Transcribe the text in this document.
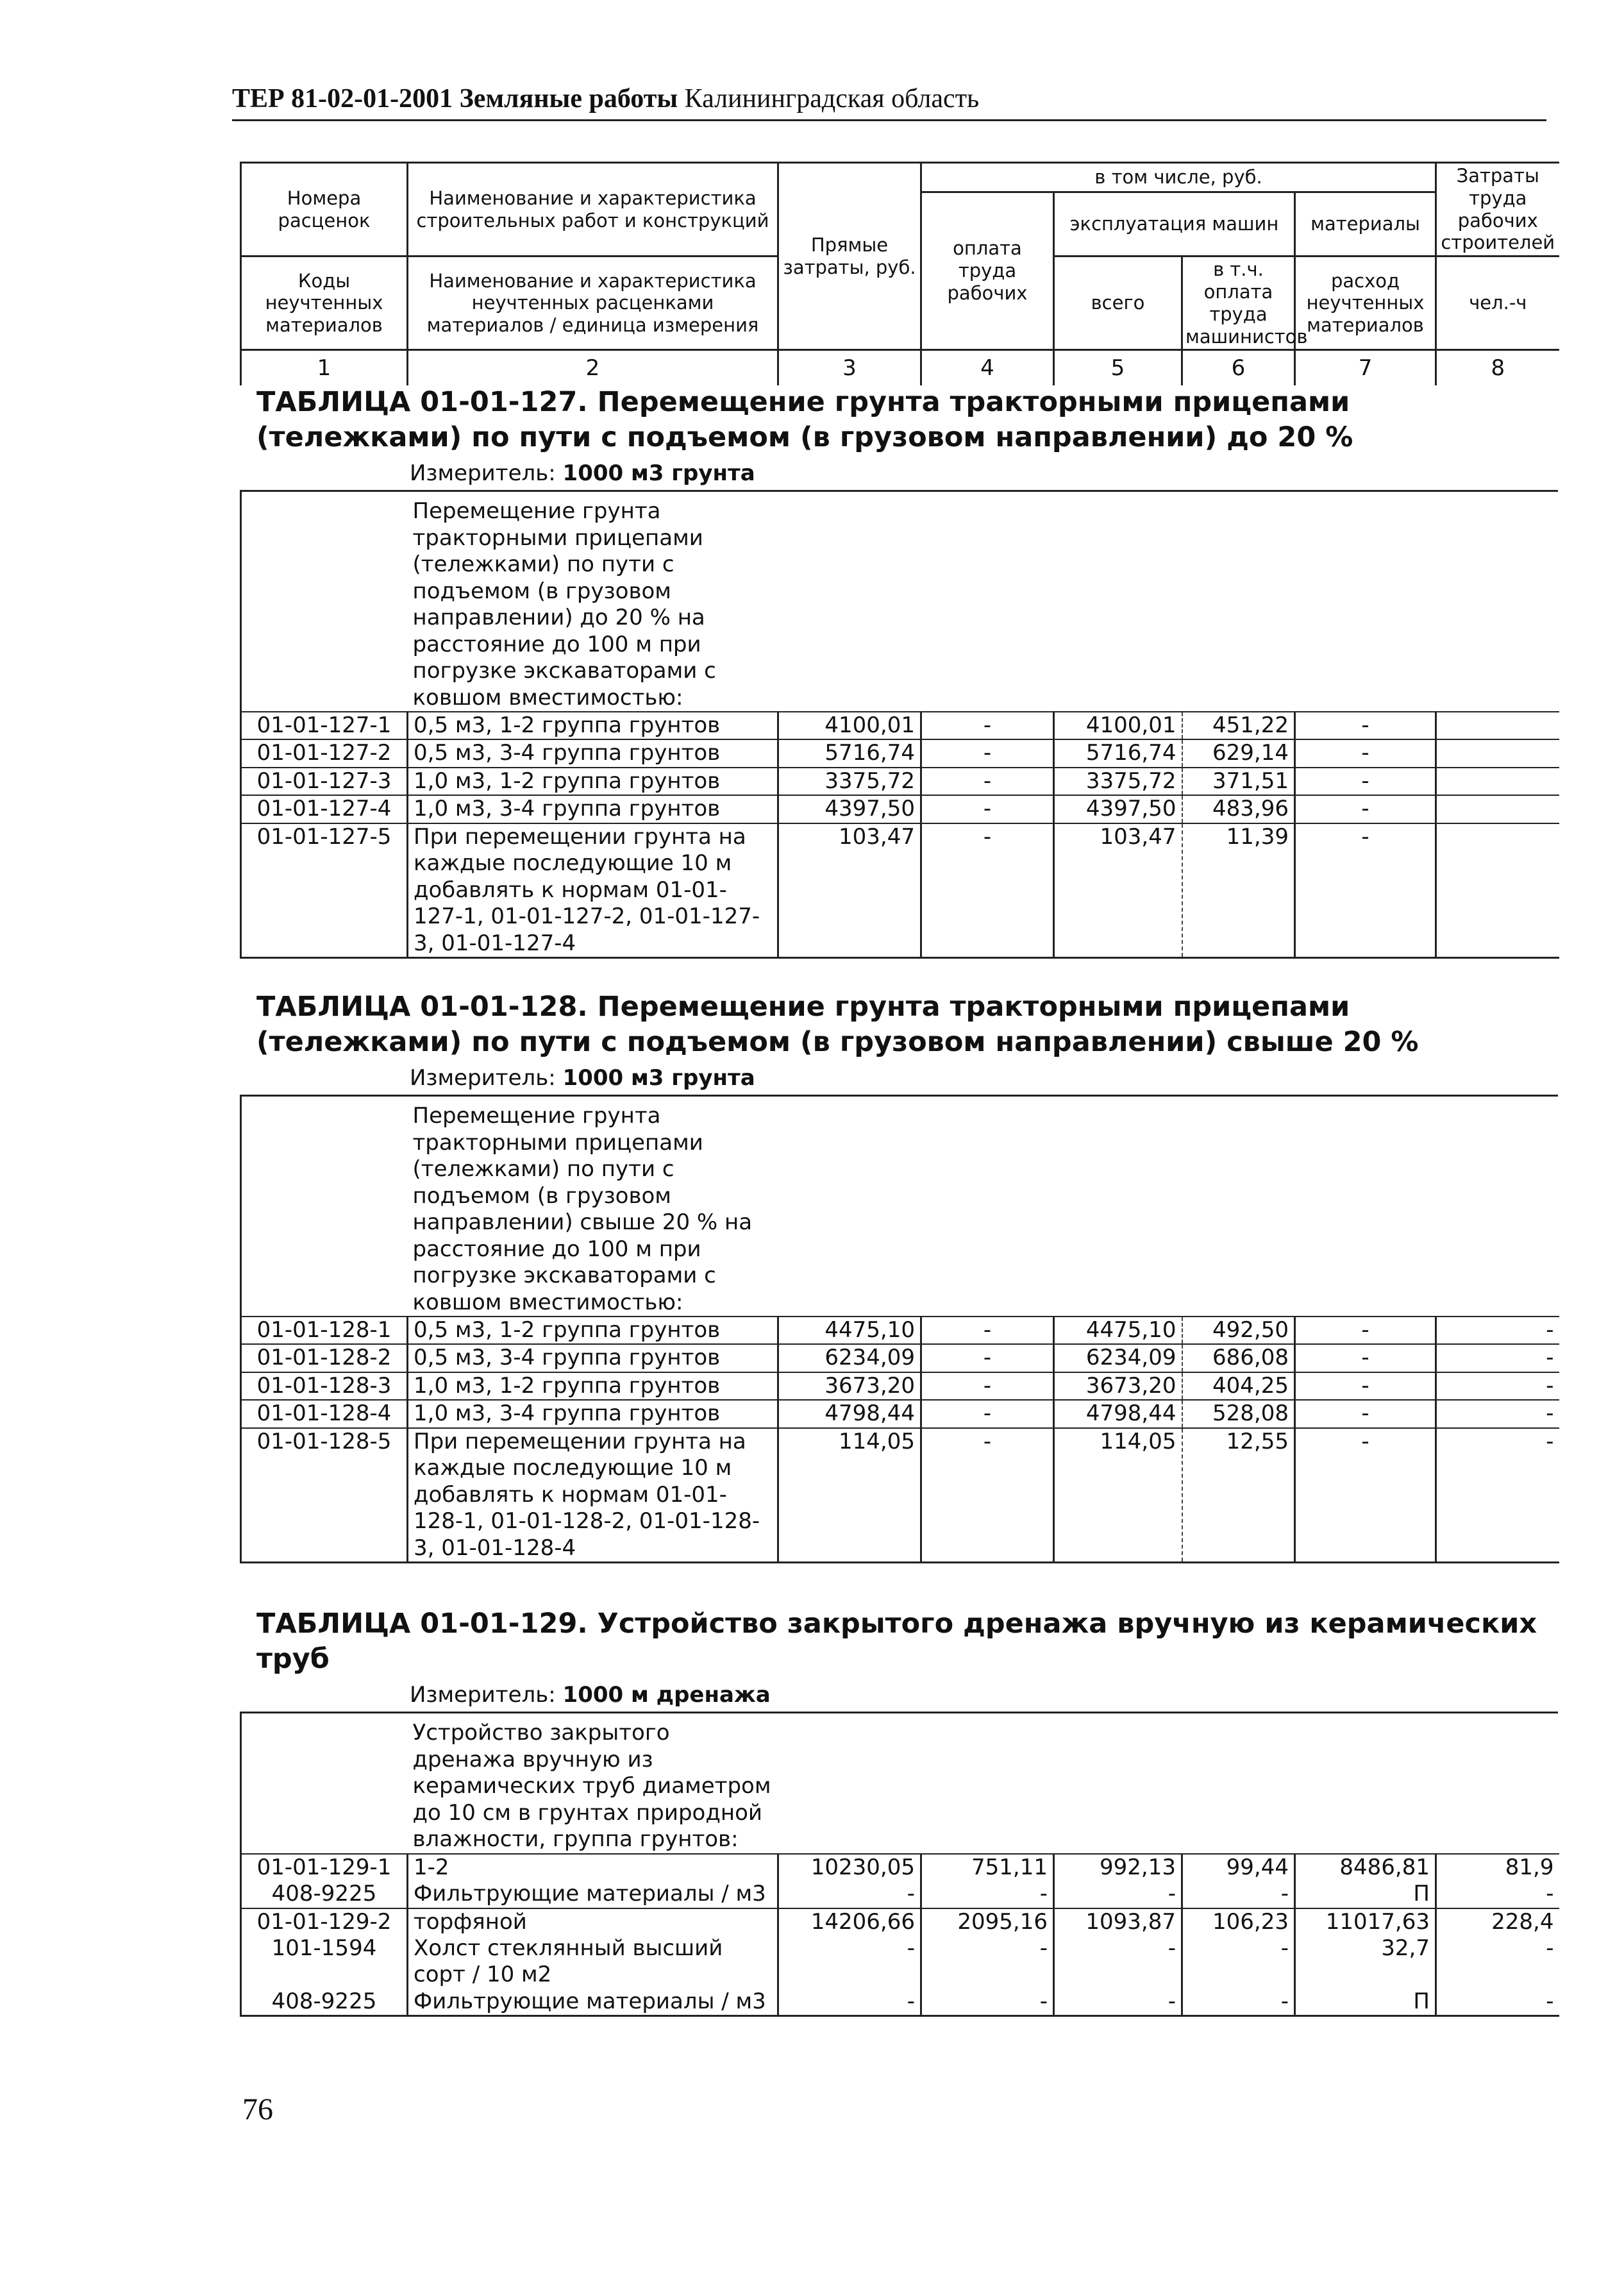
ТЕР 81-02-01-2001 Земляные работы Калининградская область
Номера расценок	Наименование и характеристика строительных работ и конструкций	Прямые затраты, руб.	в том числе, руб.				Затраты труда рабочих строителей
			оплата труда рабочих	эксплуатация машин		материалы	
Коды неучтенных материалов	Наименование и характеристика неучтенных расценками материалов / единица измерения			всего	в т.ч. оплата труда машинистов	расход неучтенных материалов	чел.-ч

1	2	3	4	5	6	7	8
ТАБЛИЦА 01-01-127. Перемещение грунта тракторными прицепами (тележками) по пути с подъемом (в грузовом направлении) до 20 %
Измеритель: 1000 м3 грунта
	Перемещение грунта тракторными прицепами (тележками) по пути с подъемом (в грузовом направлении) до 20 % на расстояние до 100 м при погрузке экскаваторами с ковшом вместимостью:						
01-01-127-1	0,5 м3, 1-2 группа грунтов	4100,01	-	4100,01	451,22	-	
01-01-127-2	0,5 м3, 3-4 группа грунтов	5716,74	-	5716,74	629,14	-	
01-01-127-3	1,0 м3, 1-2 группа грунтов	3375,72	-	3375,72	371,51	-	
01-01-127-4	1,0 м3, 3-4 группа грунтов	4397,50	-	4397,50	483,96	-	
01-01-127-5	При перемещении грунта на каждые последующие 10 м добавлять к нормам 01-01-127-1, 01-01-127-2, 01-01-127-3, 01-01-127-4	103,47	-	103,47	11,39	-	
ТАБЛИЦА 01-01-128. Перемещение грунта тракторными прицепами (тележками) по пути с подъемом (в грузовом направлении) свыше 20 %
Измеритель: 1000 м3 грунта
	Перемещение грунта тракторными прицепами (тележками) по пути с подъемом (в грузовом направлении) свыше 20 % на расстояние до 100 м при погрузке экскаваторами с ковшом вместимостью:						
01-01-128-1	0,5 м3, 1-2 группа грунтов	4475,10	-	4475,10	492,50	-	-
01-01-128-2	0,5 м3, 3-4 группа грунтов	6234,09	-	6234,09	686,08	-	-
01-01-128-3	1,0 м3, 1-2 группа грунтов	3673,20	-	3673,20	404,25	-	-
01-01-128-4	1,0 м3, 3-4 группа грунтов	4798,44	-	4798,44	528,08	-	-
01-01-128-5	При перемещении грунта на каждые последующие 10 м добавлять к нормам 01-01-128-1, 01-01-128-2, 01-01-128-3, 01-01-128-4	114,05	-	114,05	12,55	-	-
ТАБЛИЦА 01-01-129. Устройство закрытого дренажа вручную из керамических труб
Измеритель: 1000 м дренажа
	Устройство закрытого дренажа вручную из керамических труб диаметром до 10 см в грунтах природной влажности, группа грунтов:						
01-01-129-1	1-2	10230,05	751,11	992,13	99,44	8486,81	81,9
408-9225	Фильтрующие материалы / м3	-	-	-	-	П	-
01-01-129-2	торфяной	14206,66	2095,16	1093,87	106,23	11017,63	228,4
101-1594	Холст стеклянный высший сорт / 10 м2	-	-	-	-	32,7	-
408-9225	Фильтрующие материалы / м3	-	-	-	-	П	-
76
